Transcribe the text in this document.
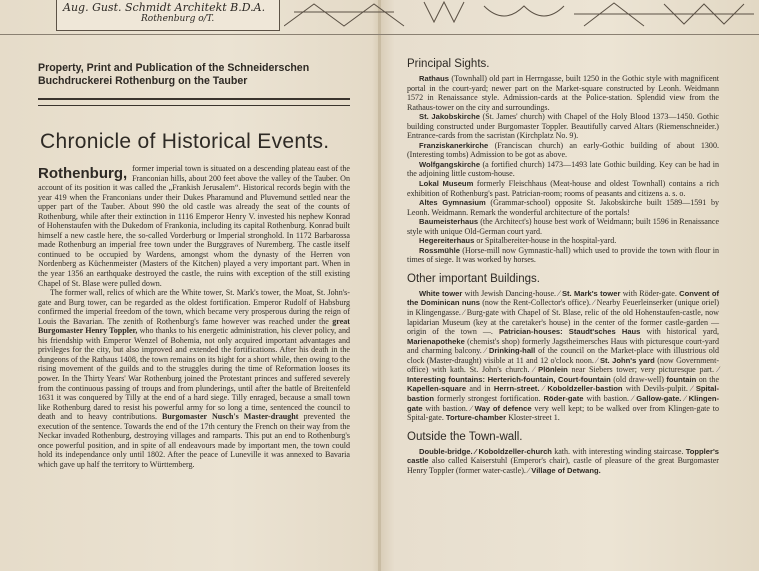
Aug. Gust. Schmidt Architekt B.D.A.
Rothenburg o/T.

Property, Print and Publication of the Schneiderschen Buchdruckerei Rothenburg on the Tauber

Chronicle of Historical Events.

Rothenburg, former imperial town is situated on a descending plateau east of the Franconian hills, about 200 feet above the valley of the Tauber. On account of its position it was called the „Frankish Jerusalem“. Historical records begin with the year 419 when the Franconians under their Dukes Pharamund and Pluvemund settled near the upper part of the Tauber. About 990 the old castle was already the seat of the counts of Rothenburg, while after their extinction in 1116 Emperor Henry V. invested his nephew Konrad of Hohenstaufen with the Dukedom of Frankonia, including its capital Rothenburg. Konrad built himself a new castle here, the so-called Vorderburg or Imperial stronghold. In 1172 Barbarossa made Rothenburg an imperial free town under the Burggraves of Nuremberg. The castle itself continued to be occupied by Wardens, amongst whom the dynasty of the Herren von Nordenberg as Küchenmeister (Masters of the Kitchen) played a very important part. When in the year 1356 an earthquake destroyed the castle, the ruins with exception of the still existing Chapel of St. Blase were pulled down.

The former wall, relics of which are the White tower, St. Mark's tower, the Moat, St. John's-gate and Burg tower, can be regarded as the oldest fortification. Emperor Rudolf of Habsburg confirmed the imperial freedom of the town, which became very prosperous during the reign of Louis the Bavarian. The zenith of Rothenburg's fame however was reached under the great Burgomaster Henry Toppler, who thanks to his energetic administration, his clever policy, and his friendship with Emperor Wenzel of Bohemia, not only acquired important advantages and privileges for the city, but also improved and extended the fortifications. After his death in the dungeons of the Rathaus 1408, the town remains on its hight for a short while, then owing to the rising movement of the guilds and to the struggles during the time of Reformation looses its power. In the Thirty Years' War Rothenburg joined the Protestant princes and suffered severely from the continuous passing of troups and from plunderings, until after the battle of Breitenfeld 1631 it was conquered by Tilly at the end of a hard siege. Tilly enraged, because a small town like Rothenburg dared to resist his powerful army for so long a time, sentenced the council to death and to heavy contributions. Burgomaster Nusch's Master-draught prevented the execution of the sentence. Towards the end of the 17th century the French on their way from the Neckar invaded Rothenburg, destroying villages and ramparts. This put an end to Rothenburg's once powerful position, and in spite of all endeavours made by important men, the town could hold its independance only until 1802. After the peace of Luneville it was annexed to Bavaria which gave up half the territory to Württemberg.

Principal Sights.

Rathaus (Townhall) old part in Herrngasse, built 1250 in the Gothic style with magnificent portal in the court-yard; newer part on the Market-square constructed by Leonh. Weidmann 1572 in Renaissance style. Admission-cards at the Police-station. Splendid view from the Rathaus-tower on the city and surroundings.

St. Jakobskirche (St. James' church) with Chapel of the Holy Blood 1373—1450. Gothic building constructed under Burgomaster Toppler. Beautifully carved Altars (Riemenschneider.) Entrance-cards from the sacristan (Kirchplatz No. 9).

Franziskanerkirche (Franciscan church) an early-Gothic building of about 1300. (Interesting tombs) Admission to be got as above.

Wolfgangskirche (a fortified church) 1473—1493 late Gothic building. Key can be had in the adjoining little custom-house.

Lokal Museum formerly Fleischhaus (Meat-house and oldest Townhall) contains a rich exhibition of Rothenburg's past. Patrician-room; rooms of peasants and citizens a. s. o.

Altes Gymnasium (Grammar-school) opposite St. Jakobskirche built 1589—1591 by Leonh. Weidmann. Remark the wonderful architecture of the portals!

Baumeisterhaus (the Architect's) house best work of Weidmann; built 1596 in Renaissance style with unique Old-German court yard.

Hegereiterhaus or Spitalbereiter-house in the hospital-yard.

Rossmühle (Horse-mill now Gymnastic-hall) which used to provide the town with flour in times of siege. It was worked by horses.

Other important Buildings.

White tower with Jewish Dancing-house. ⁄ St. Mark's tower with Röder-gate. Convent of the Dominican nuns (now the Rent-Collector's office). ⁄ Nearby Feuerleinserker (unique oriel) in Klingengasse. ⁄ Burg-gate with Chapel of St. Blase, relic of the old Hohenstaufen-castle, now lapidarian Museum (key at the caretaker's house) in the center of the former castle-garden — origin of the town —. Patrician-houses: Staudt'sches Haus with historical yard, Marienapotheke (chemist's shop) formerly Jagstheimersches Haus with picturesque court-yard and charming balcony. ⁄ Drinking-hall of the council on the Market-place with illustrious old clock (Master-draught) visible at 11 and 12 o'clock noon. ⁄ St. John's yard (now Government-office) with kath. St. John's church. ⁄ Plönlein near Siebers tower; very picturesque part. ⁄ Interesting fountains: Herterich-fountain, Court-fountain (old draw-well) fountain on the Kapellen-square and in Herrn-street. ⁄ Koboldzeller-bastion with Devils-pulpit. ⁄ Spital-bastion formerly strongest fortification. Röder-gate with bastion. ⁄ Gallow-gate. ⁄ Klingen-gate with bastion. ⁄ Way of defence very well kept; to be walked over from Klingen-gate to Spital-gate. Torture-chamber Kloster-street 1.

Outside the Town-wall.

Double-bridge. ⁄ Koboldzeller-church kath. with interesting winding staircase. Toppler's castle also called Kaiserstuhl (Emperor's chair), castle of pleasure of the great Burgomaster Henry Toppler (former water-castle). ⁄ Village of Detwang.
